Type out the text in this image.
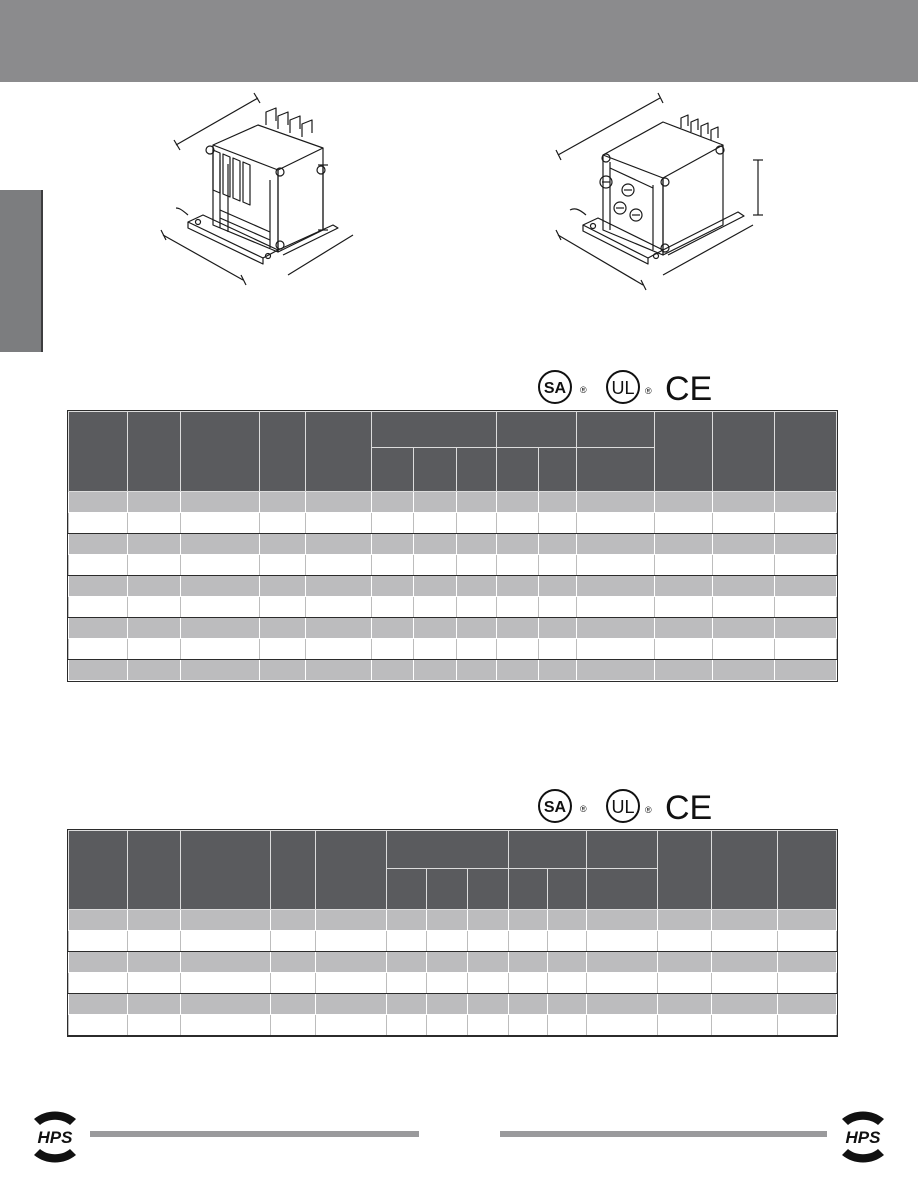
SA ® UL ® CE

SA ® UL ® CE

HPS	HPS
